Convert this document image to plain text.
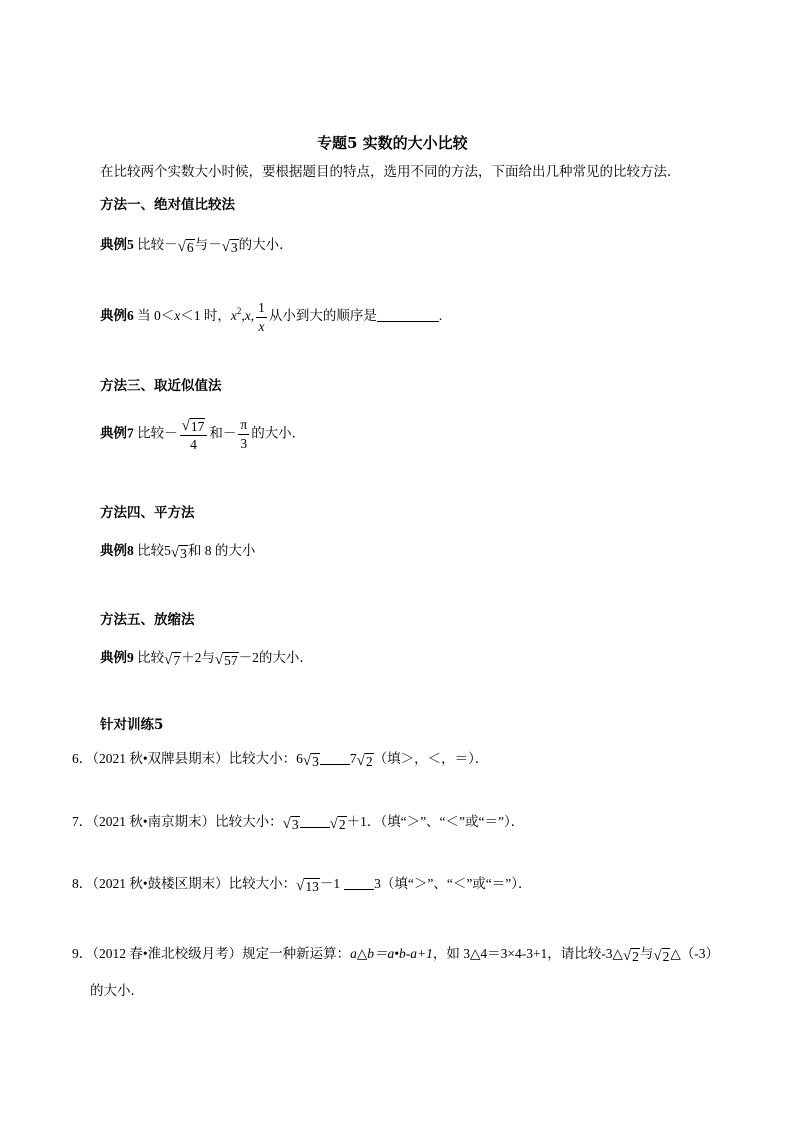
专题5 实数的大小比较
在比较两个实数大小时候，要根据题目的特点，选用不同的方法，下面给出几种常见的比较方法．
方法一、绝对值比较法
典例5 比较－ √ 6 与－ √ 3 的大小．
典例6 当 0＜x＜1 时，$x^2,x$, $\frac{1}{x}$ 从小到大的顺序是	.
方法三、取近似值法
典例7 比较－ $\frac{√ 17}{4}$ 和－ $\frac{\pi}{3}$ 的大小．
方法四、平方法
典例8 比较5 √ 3 和 8 的大小
方法五、放缩法
典例9 比较 √ 7 ＋2与 √ 57 －2的大小．
针对训练5
6．（2021 秋•双牌县期末）比较大小：6 √ 3 7 √ 2 （填＞，＜，＝）．
7．（2021 秋•南京期末）比较大小： √ 3 √ 2 ＋1．（填“＞”、“＜”或“＝”）．
8．（2021 秋•鼓楼区期末）比较大小： √ 13 －1	3（填“＞”、“＜”或“＝”）．
9．（2012 春•淮北校级月考）规定一种新运算：a△b＝a•b-a+1，如 3△4＝3×4-3+1，请比较-3△ √ 2 与 √ 2 △（-3）
的大小．
